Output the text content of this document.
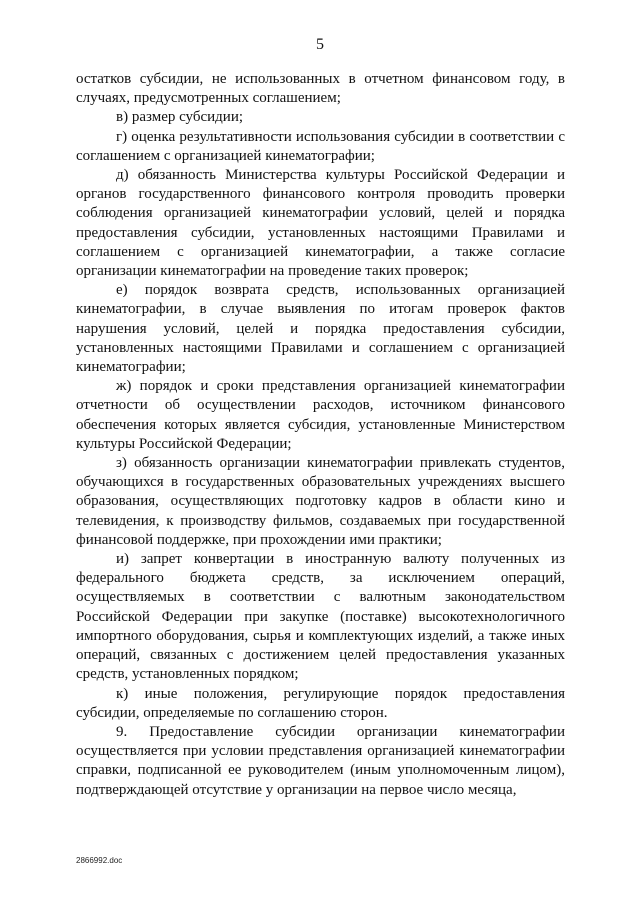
5

остатков субсидии, не использованных в отчетном финансовом году, в случаях, предусмотренных соглашением;

в) размер субсидии;

г) оценка результативности использования субсидии в соответствии с соглашением с организацией кинематографии;

д) обязанность Министерства культуры Российской Федерации и органов государственного финансового контроля проводить проверки соблюдения организацией кинематографии условий, целей и порядка предоставления субсидии, установленных настоящими Правилами и соглашением с организацией кинематографии, а также согласие организации кинематографии на проведение таких проверок;

е) порядок возврата средств, использованных организацией кинематографии, в случае выявления по итогам проверок фактов нарушения условий, целей и порядка предоставления субсидии, установленных настоящими Правилами и соглашением с организацией кинематографии;

ж) порядок и сроки представления организацией кинематографии отчетности об осуществлении расходов, источником финансового обеспечения которых является субсидия, установленные Министерством культуры Российской Федерации;

з) обязанность организации кинематографии привлекать студентов, обучающихся в государственных образовательных учреждениях высшего образования, осуществляющих подготовку кадров в области кино и телевидения, к производству фильмов, создаваемых при государственной финансовой поддержке, при прохождении ими практики;

и) запрет конвертации в иностранную валюту полученных из федерального бюджета средств, за исключением операций, осуществляемых в соответствии с валютным законодательством Российской Федерации при закупке (поставке) высокотехнологичного импортного оборудования, сырья и комплектующих изделий, а также иных операций, связанных с достижением целей предоставления указанных средств, установленных порядком;

к) иные положения, регулирующие порядок предоставления субсидии, определяемые по соглашению сторон.

9. Предоставление субсидии организации кинематографии осуществляется при условии представления организацией кинематографии справки, подписанной ее руководителем (иным уполномоченным лицом), подтверждающей отсутствие у организации на первое число месяца,

2866992.doc
